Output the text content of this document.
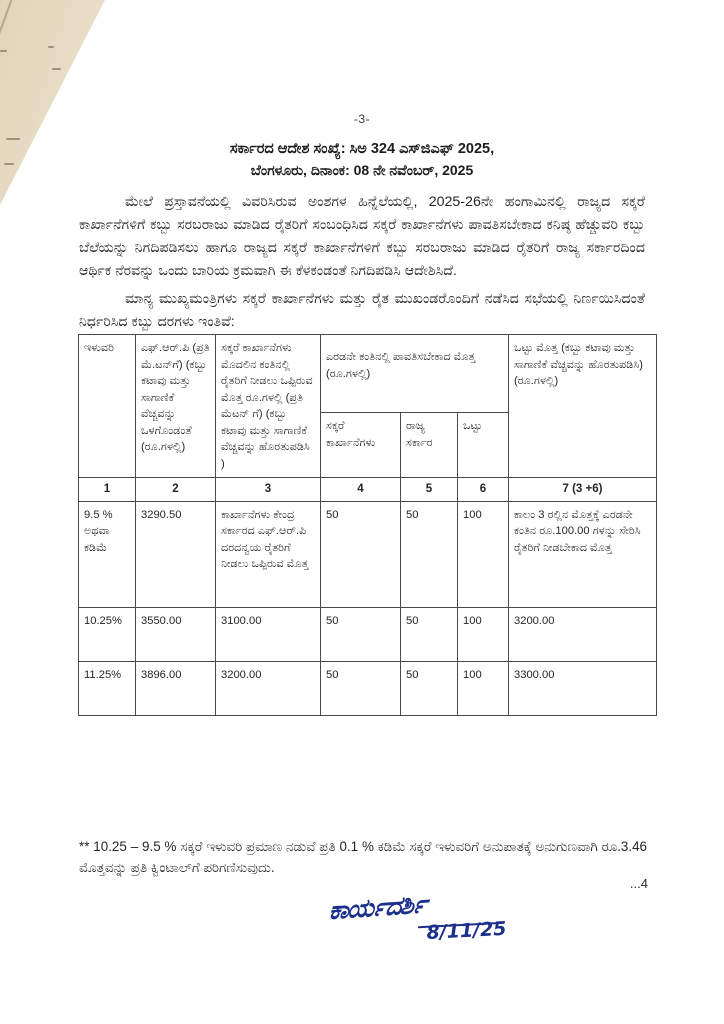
-3-
ಸರ್ಕಾರದ ಆದೇಶ ಸಂಖ್ಯೆ: ಸಿಅ 324 ಎಸ್‌ಜಿಎಫ್ 2025,
ಬೆಂಗಳೂರು, ದಿನಾಂಕ: 08 ನೇ ನವೆಂಬರ್, 2025

ಮೇಲೆ ಪ್ರಸ್ತಾವನೆಯಲ್ಲಿ ವಿವರಿಸಿರುವ ಅಂಶಗಳ ಹಿನ್ನೆಲೆಯಲ್ಲಿ, 2025-26ನೇ ಹಂಗಾಮಿನಲ್ಲಿ ರಾಜ್ಯದ ಸಕ್ಕರೆ ಕಾರ್ಖಾನೆಗಳಿಗೆ ಕಬ್ಬು ಸರಬರಾಜು ಮಾಡಿದ ರೈತರಿಗೆ ಸಂಬಂಧಿಸಿದ ಸಕ್ಕರೆ ಕಾರ್ಖಾನೆಗಳು ಪಾವತಿಸಬೇಕಾದ ಕನಿಷ್ಠ ಹೆಚ್ಚುವರಿ ಕಬ್ಬು ಬೆಲೆಯನ್ನು ನಿಗದಿಪಡಿಸಲು ಹಾಗೂ ರಾಜ್ಯದ ಸಕ್ಕರೆ ಕಾರ್ಖಾನೆಗಳಿಗೆ ಕಬ್ಬು ಸರಬರಾಜು ಮಾಡಿದ ರೈತರಿಗೆ ರಾಜ್ಯ ಸರ್ಕಾರದಿಂದ ಆರ್ಥಿಕ ನೆರವನ್ನು ಒಂದು ಬಾರಿಯ ಕ್ರಮವಾಗಿ ಈ ಕೆಳಕಂಡಂತೆ ನಿಗದಿಪಡಿಸಿ ಆದೇಶಿಸಿದೆ.

ಮಾನ್ಯ ಮುಖ್ಯಮಂತ್ರಿಗಳು ಸಕ್ಕರೆ ಕಾರ್ಖಾನೆಗಳು ಮತ್ತು ರೈತ ಮುಖಂಡರೊಂದಿಗೆ ನಡೆಸಿದ ಸಭೆಯಲ್ಲಿ ನಿರ್ಣಯಿಸಿದಂತೆ ನಿರ್ಧರಿಸಿದ ಕಬ್ಬು ದರಗಳು ಇಂತಿವೆ:

ಇಳುವರಿ	ಎಫ್.ಆರ್.ಪಿ (ಪ್ರತಿ ಮೆ.ಟನ್‌ಗೆ) (ಕಬ್ಬು ಕಟಾವು ಮತ್ತು ಸಾಗಾಣಿಕೆ ವೆಚ್ಚವನ್ನು ಒಳಗೊಂಡಂತೆ (ರೂ.ಗಳಲ್ಲಿ)	ಸಕ್ಕರೆ ಕಾರ್ಖಾನೆಗಳು ಮೊದಲಿನ ಕಂತಿನಲ್ಲಿ ರೈತರಿಗೆ ನೀಡಲು ಒಪ್ಪಿರುವ ಮೊತ್ತ ರೂ.ಗಳಲ್ಲಿ (ಪ್ರತಿ ಮೆಟನ್ ಗೆ) (ಕಬ್ಬು ಕಟಾವು ಮತ್ತು ಸಾಗಾಣಿಕೆ ವೆಚ್ಚವನ್ನು ಹೊರತುಪಡಿಸಿ )	ಎರಡನೇ ಕಂತಿನಲ್ಲಿ ಪಾವತಿಸಬೇಕಾದ ಮೊತ್ತ (ರೂ.ಗಳಲ್ಲಿ)			ಒಟ್ಟು ಮೊತ್ತ (ಕಬ್ಬು ಕಟಾವು ಮತ್ತು ಸಾಗಾಣಿಕೆ ವೆಚ್ಚವನ್ನು ಹೊರತುಪಡಿಸಿ) (ರೂ.ಗಳಲ್ಲಿ)
			ಸಕ್ಕರೆ ಕಾರ್ಖಾನೆಗಳು	ರಾಜ್ಯ ಸರ್ಕಾರ	ಒಟ್ಟು	
1	2	3	4	5	6	7 (3 +6)
9.5 % ಅಥವಾ ಕಡಿಮೆ	3290.50	ಕಾರ್ಖಾನೆಗಳು ಕೇಂದ್ರ ಸರ್ಕಾರದ ಎಫ್.ಆರ್.ಪಿ ದರದನ್ವಯ ರೈತರಿಗೆ ನೀಡಲು ಒಪ್ಪಿರುವ ಮೊತ್ತ	50	50	100	ಕಾಲಂ 3 ರಲ್ಲಿನ ಮೊತ್ತಕ್ಕೆ ಎರಡನೇ ಕಂತಿನ ರೂ.100.00 ಗಳನ್ನು ಸೇರಿಸಿ ರೈತರಿಗೆ ನೀಡಬೇಕಾದ ಮೊತ್ತ
10.25%	3550.00	3100.00	50	50	100	3200.00
11.25%	3896.00	3200.00	50	50	100	3300.00
** 10.25 – 9.5 % ಸಕ್ಕರೆ ಇಳುವರಿ ಪ್ರಮಾಣ ನಡುವೆ ಪ್ರತಿ 0.1 % ಕಡಿಮೆ ಸಕ್ಕರೆ ಇಳುವರಿಗೆ ಅನುಪಾತಕ್ಕೆ ಅನುಗುಣವಾಗಿ ರೂ.3.46 ಮೊತ್ತವನ್ನು ಪ್ರತಿ ಕ್ವಿಂಟಾಲ್‌ಗೆ ಪರಿಗಣಿಸುವುದು.
...4
ಕಾರ್ಯದರ್ಶಿ
8/11/25
